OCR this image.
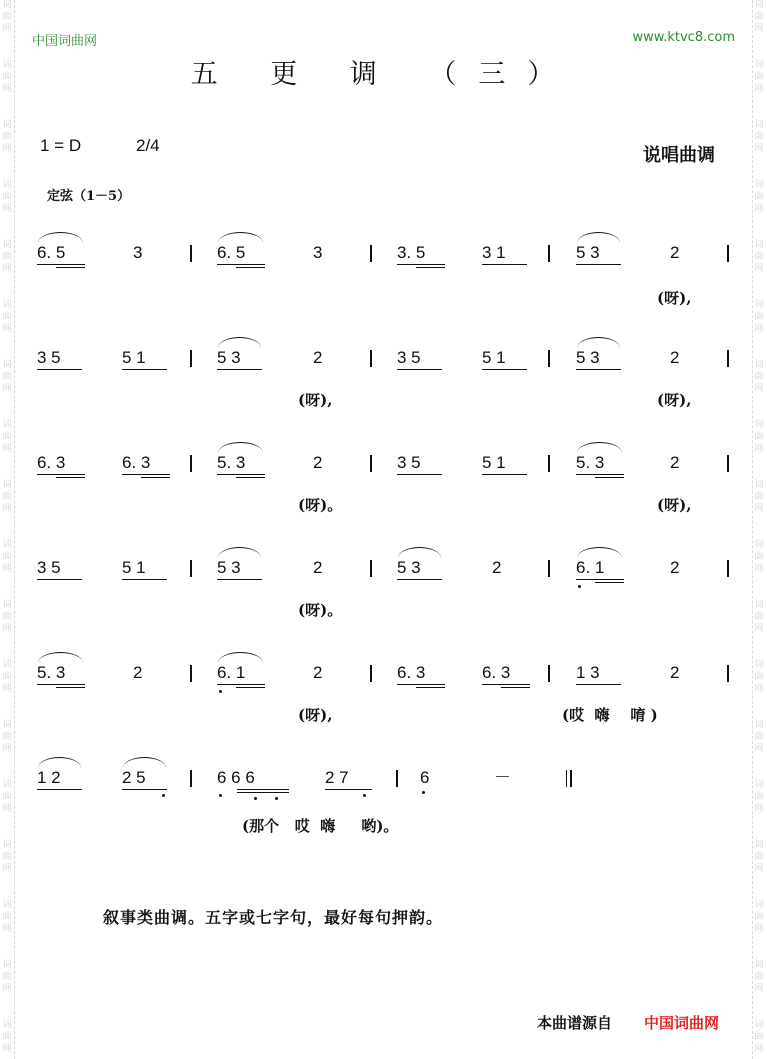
词
曲
网
词
曲
网
词
曲
网
词
曲
网
词
曲
网
词
曲
网
词
曲
网
词
曲
网
词
曲
网
词
曲
网
词
曲
网
词
曲
网
词
曲
网
词
曲
网
词
曲
网
词
曲
网
词
曲
网
词
曲
网
词
曲
网
词
曲
网
词
曲
网
词
曲
网
词
曲
网
词
曲
网
词
曲
网
词
曲
网
词
曲
网
词
曲
网
词
曲
网
词
曲
网
词
曲
网
词
曲
网
词
曲
网
词
曲
网
词
曲
网
词
曲
网
中国词曲网	www.ktvc8.com
五 更 调 （三）
1 = D	2/4	说唱曲调
定弦（1－5）
6. 5	3	6. 5	3	3. 5	3 1	5 3	2
(呀),
3 5	5 1	5 3	2	3 5	5 1	5 3	2
(呀),	(呀),
6. 3	6. 3	5. 3	2	3 5	5 1	5. 3	2
(呀)。	(呀),
3 5	5 1	5 3	2	5 3	2	6. 1	2
(呀)。
5. 3	2	6. 1	2	6. 3	6. 3	1 3	2
(呀),	(哎  嗨    唷 )
1 2	2 5	6 6 6	2 7	6	－
(那个   哎  嗨     哟)。
叙事类曲调。五字或七字句，最好每句押韵。
本曲谱源自 中国词曲网
